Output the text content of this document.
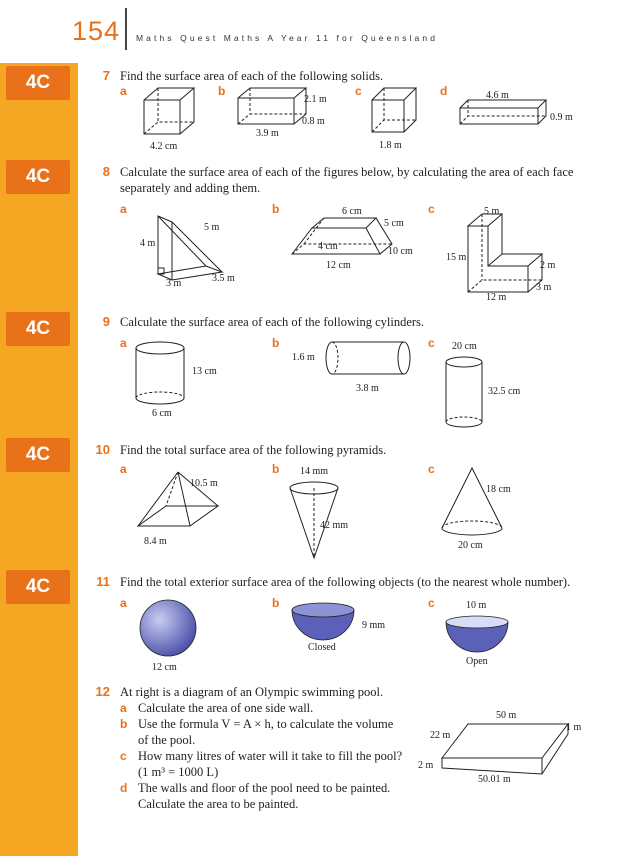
154 Maths Quest Maths A Year 11 for Queensland
4C
4C
4C
4C
4C
7 Find the surface area of each of the following solids.
a	b	c	d
4.2 cm
2.1 m
0.8 m
3.9 m
1.8 m
4.6 m
0.9 m
8 Calculate the surface area of each of the figures below, by calculating the area of each face
separately and adding them.
a	b	c
5 m
4 m
3 m	3.5 m
6 cm
5 cm
4 cm	10 cm
12 cm
5 m
15 m
2 m
3 m
12 m
9 Calculate the surface area of each of the following cylinders.
a	b	c
13 cm
6 cm
1.6 m
3.8 m
20 cm
32.5 cm
10 Find the total surface area of the following pyramids.
a	b	c
10.5 m
8.4 m
14 mm
42 mm
18 cm
20 cm
11 Find the total exterior surface area of the following objects (to the nearest whole number).
a	b	c
12 cm
9 mm
Closed
10 m
Open
12 At right is a diagram of an Olympic swimming pool.
a Calculate the area of one side wall.
b Use the formula V = A × h, to calculate the volume
of the pool.
c How many litres of water will it take to fill the pool?
(1 m³ = 1000 L)
d The walls and floor of the pool need to be painted.
Calculate the area to be painted.
50 m
1 m
22 m
2 m
50.01 m
